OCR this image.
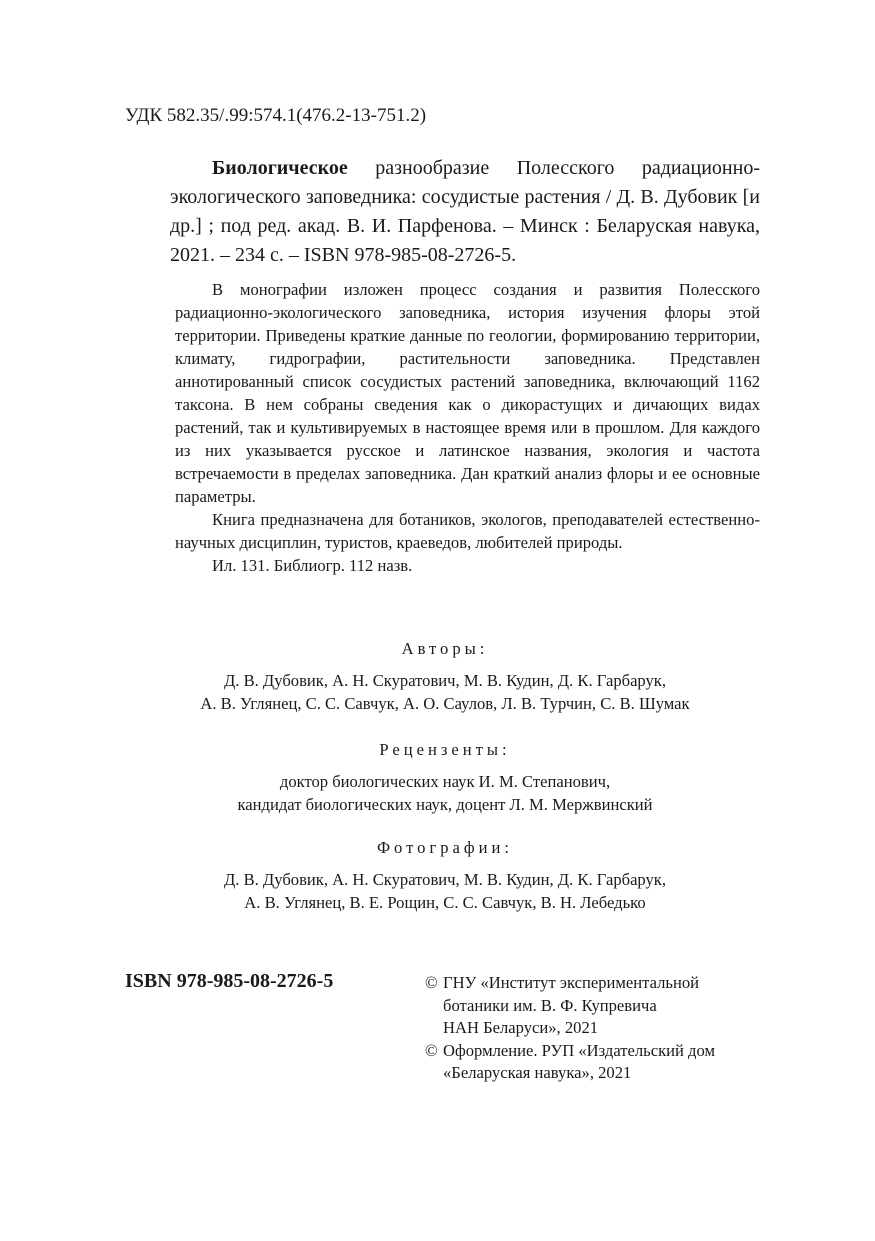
УДК 582.35/.99:574.1(476.2-13-751.2)

Биологическое разнообразие Полесского радиационно-экологического заповедника: сосудистые растения / Д. В. Дубовик [и др.] ; под ред. акад. В. И. Парфенова. – Минск : Беларуская навука, 2021. – 234 с. – ISBN 978-985-08-2726-5.

В монографии изложен процесс создания и развития Полесского радиационно-экологического заповедника, история изучения флоры этой территории. Приведены краткие данные по геологии, формированию территории, климату, гидрографии, растительности заповедника. Представлен аннотированный список сосудистых растений заповедника, включающий 1162 таксона. В нем собраны сведения как о дикорастущих и дичающих видах растений, так и культивируемых в настоящее время или в прошлом. Для каждого из них указывается русское и латинское названия, экология и частота встречаемости в пределах заповедника. Дан краткий анализ флоры и ее основные параметры.

Книга предназначена для ботаников, экологов, преподавателей естественно-научных дисциплин, туристов, краеведов, любителей природы.

Ил. 131. Библиогр. 112 назв.

Авторы:
Д. В. Дубовик, А. Н. Скуратович, М. В. Кудин, Д. К. Гарбарук,
А. В. Углянец, С. С. Савчук, А. О. Саулов, Л. В. Турчин, С. В. Шумак
Рецензенты:
доктор биологических наук И. М. Степанович,
кандидат биологических наук, доцент Л. М. Мержвинский
Фотографии:
Д. В. Дубовик, А. Н. Скуратович, М. В. Кудин, Д. К. Гарбарук,
А. В. Углянец, В. Е. Рощин, С. С. Савчук, В. Н. Лебедько
ISBN 978-985-08-2726-5	© ГНУ «Институт экспериментальной
ботаники им. В. Ф. Купревича
НАН Беларуси», 2021
© Оформление. РУП «Издательский дом
«Беларуская навука», 2021
